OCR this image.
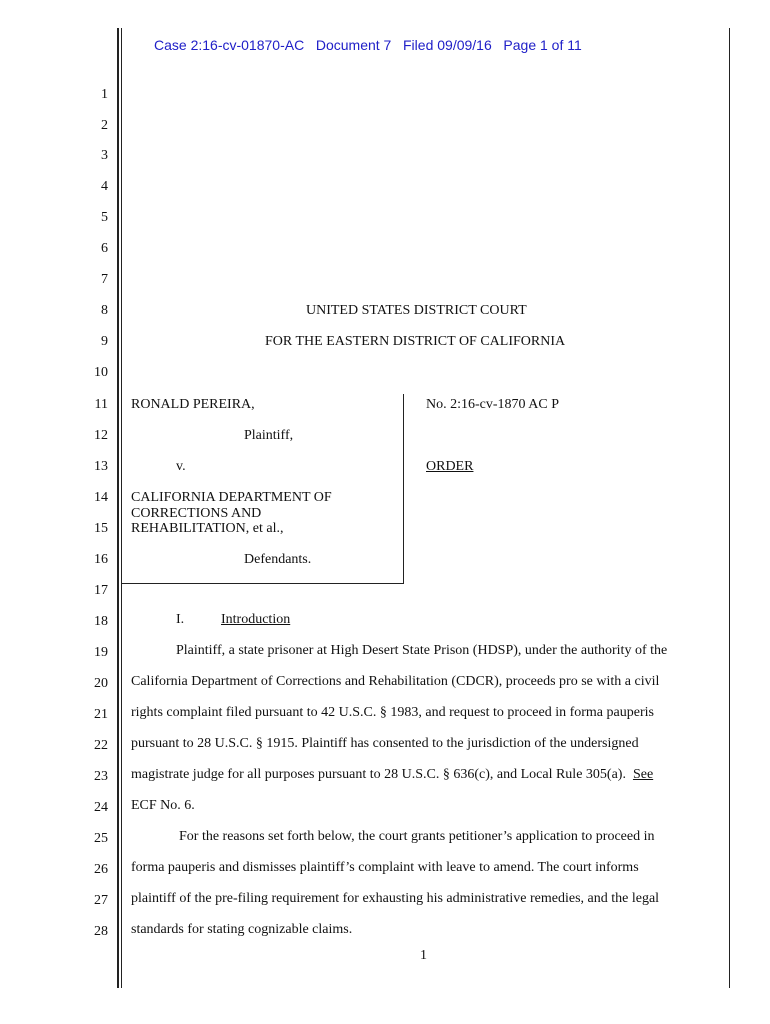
Case 2:16-cv-01870-AC   Document 7   Filed 09/09/16   Page 1 of 11
1
2
3
4
5
6
7
8
9
10
11
12
13
14
15
16
17
18
19
20
21
22
23
24
25
26
27
28
UNITED STATES DISTRICT COURT
FOR THE EASTERN DISTRICT OF CALIFORNIA
RONALD PEREIRA,
Plaintiff,
v.
CALIFORNIA DEPARTMENT OF
CORRECTIONS AND
REHABILITATION, et al.,
Defendants.
No. 2:16-cv-1870 AC P
ORDER
I.	Introduction
Plaintiff, a state prisoner at High Desert State Prison (HDSP), under the authority of the
California Department of Corrections and Rehabilitation (CDCR), proceeds pro se with a civil
rights complaint filed pursuant to 42 U.S.C. § 1983, and request to proceed in forma pauperis
pursuant to 28 U.S.C. § 1915. Plaintiff has consented to the jurisdiction of the undersigned
magistrate judge for all purposes pursuant to 28 U.S.C. § 636(c), and Local Rule 305(a). See
ECF No. 6.
For the reasons set forth below, the court grants petitioner’s application to proceed in
forma pauperis and dismisses plaintiff’s complaint with leave to amend. The court informs
plaintiff of the pre-filing requirement for exhausting his administrative remedies, and the legal
standards for stating cognizable claims.
1
